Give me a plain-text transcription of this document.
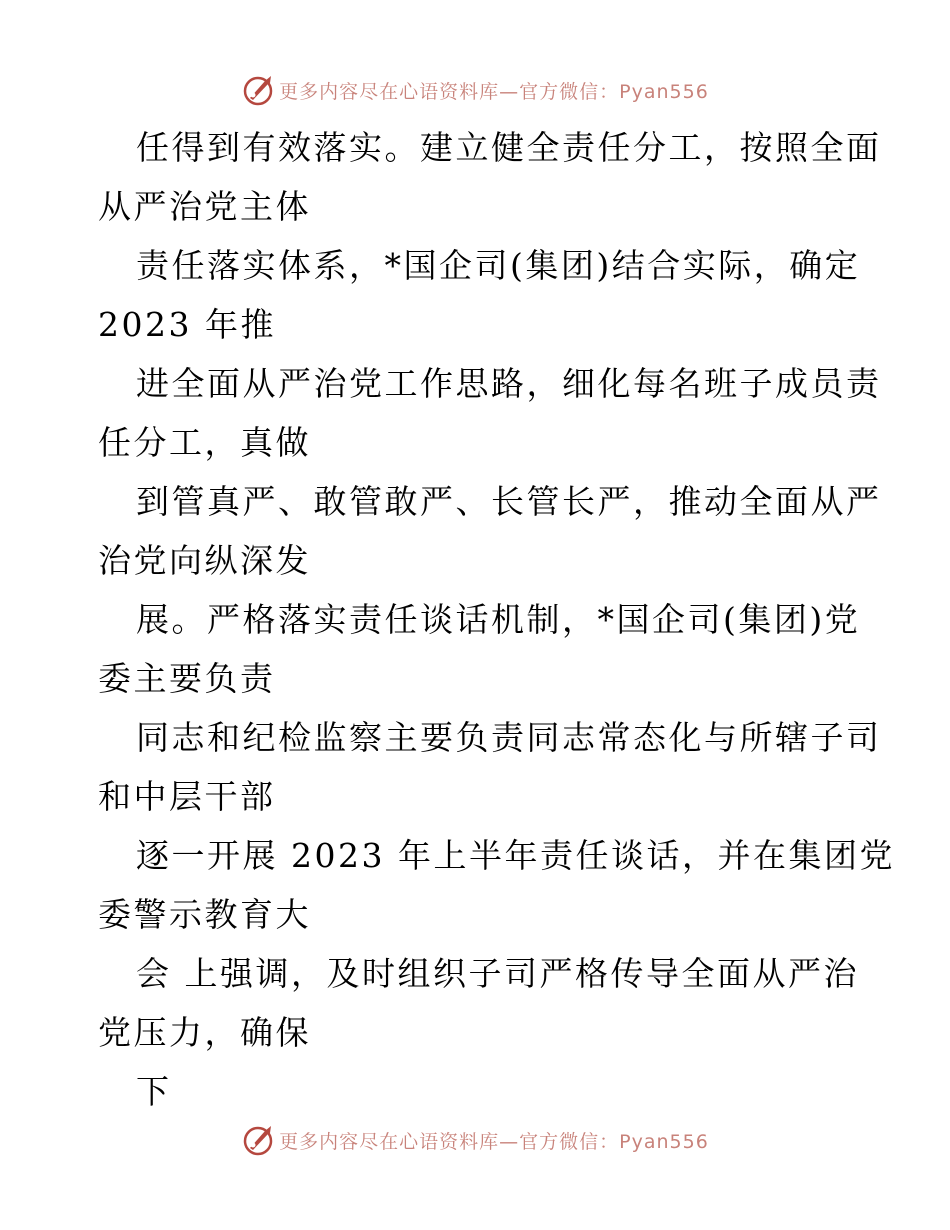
更多内容尽在心语资料库—官方微信：Pyan556
任得到有效落实。建立健全责任分工，按照全面
从严治党主体
责任落实体系，*国企司(集团)结合实际，确定
2023 年推
进全面从严治党工作思路，细化每名班子成员责
任分工，真做
到管真严、敢管敢严、长管长严，推动全面从严
治党向纵深发
展。严格落实责任谈话机制，*国企司(集团)党
委主要负责
同志和纪检监察主要负责同志常态化与所辖子司
和中层干部
逐一开展 2023 年上半年责任谈话，并在集团党
委警示教育大
会 上强调，及时组织子司严格传导全面从严治
党压力，确保
下
更多内容尽在心语资料库—官方微信：Pyan556
